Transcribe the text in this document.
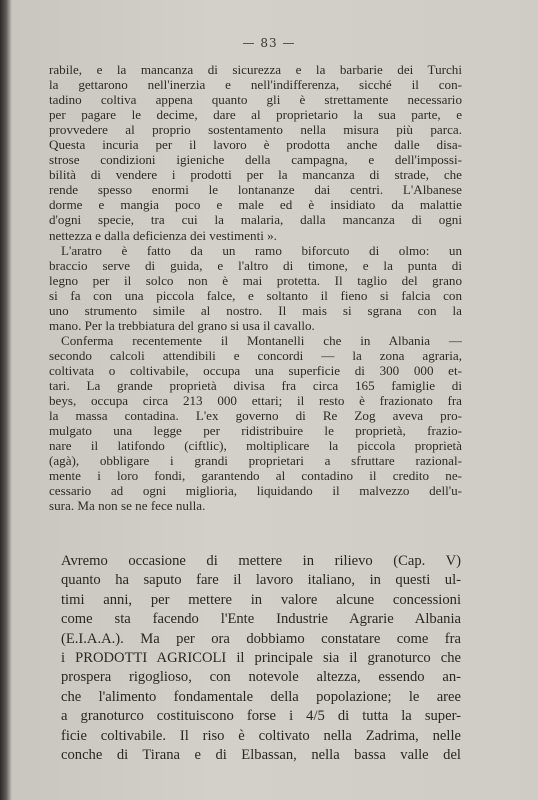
— 83 —
rabile, e la mancanza di sicurezza e la barbarie dei Turchi
la gettarono nell'inerzia e nell'indifferenza, sicché il con-
tadino coltiva appena quanto gli è strettamente necessario
per pagare le decime, dare al proprietario la sua parte, e
provvedere al proprio sostentamento nella misura più parca.
Questa incuria per il lavoro è prodotta anche dalle disa-
strose condizioni igieniche della campagna, e dell'impossi-
bilità di vendere i prodotti per la mancanza di strade, che
rende spesso enormi le lontananze dai centri. L'Albanese
dorme e mangia poco e male ed è insidiato da malattie
d'ogni specie, tra cui la malaria, dalla mancanza di ogni
nettezza e dalla deficienza dei vestimenti ».
L'aratro è fatto da un ramo biforcuto di olmo: un
braccio serve di guida, e l'altro di timone, e la punta di
legno per il solco non è mai protetta. Il taglio del grano
si fa con una piccola falce, e soltanto il fieno si falcia con
uno strumento simile al nostro. Il mais si sgrana con la
mano. Per la trebbiatura del grano si usa il cavallo.
Conferma recentemente il Montanelli che in Albania —
secondo calcoli attendibili e concordi — la zona agraria,
coltivata o coltivabile, occupa una superficie di 300 000 et-
tari. La grande proprietà divisa fra circa 165 famiglie di
beys, occupa circa 213 000 ettari; il resto è frazionato fra
la massa contadina. L'ex governo di Re Zog aveva pro-
mulgato una legge per ridistribuire le proprietà, frazio-
nare il latifondo (ciftlic), moltiplicare la piccola proprietà
(agà), obbligare i grandi proprietari a sfruttare razional-
mente i loro fondi, garantendo al contadino il credito ne-
cessario ad ogni miglioria, liquidando il malvezzo dell'u-
sura. Ma non se ne fece nulla.
Avremo occasione di mettere in rilievo (Cap. V)
quanto ha saputo fare il lavoro italiano, in questi ul-
timi anni, per mettere in valore alcune concessioni
come sta facendo l'Ente Industrie Agrarie Albania
(E.I.A.A.). Ma per ora dobbiamo constatare come fra
i PRODOTTI AGRICOLI il principale sia il granoturco che
prospera rigoglioso, con notevole altezza, essendo an-
che l'alimento fondamentale della popolazione; le aree
a granoturco costituiscono forse i 4/5 di tutta la super-
ficie coltivabile. Il riso è coltivato nella Zadrima, nelle
conche di Tirana e di Elbassan, nella bassa valle del
